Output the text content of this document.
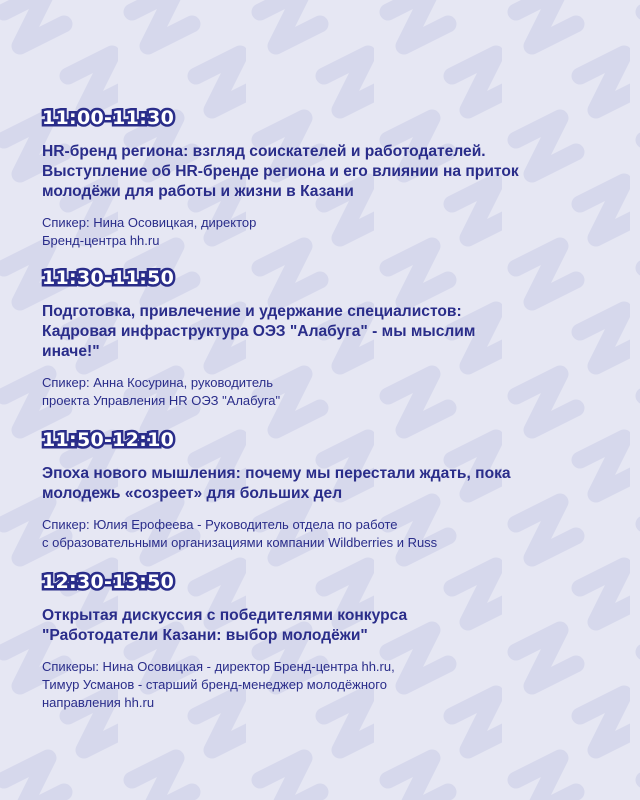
11:00-11:30
HR-бренд региона: взгляд соискателей и работодателей.
Выступление об HR-бренде региона и его влиянии на приток
молодёжи для работы и жизни в Казани
Спикер: Нина Осовицкая, директор
Бренд-центра hh.ru
11:30-11:50
Подготовка, привлечение и удержание специалистов:
Кадровая инфраструктура ОЭЗ "Алабуга" - мы мыслим
иначе!"
Спикер: Анна Косурина, руководитель
проекта Управления HR ОЭЗ "Алабуга"
11:50-12:10
Эпоха нового мышления: почему мы перестали ждать, пока
молодежь «созреет» для больших дел
Спикер: Юлия Ерофеева - Руководитель отдела по работе
с образовательными организациями компании Wildberries и Russ
12:30-13:50
Открытая дискуссия с победителями конкурса
"Работодатели Казани: выбор молодёжи"
Спикеры: Нина Осовицкая - директор Бренд-центра hh.ru,
Тимур Усманов - старший бренд-менеджер молодёжного
направления hh.ru
